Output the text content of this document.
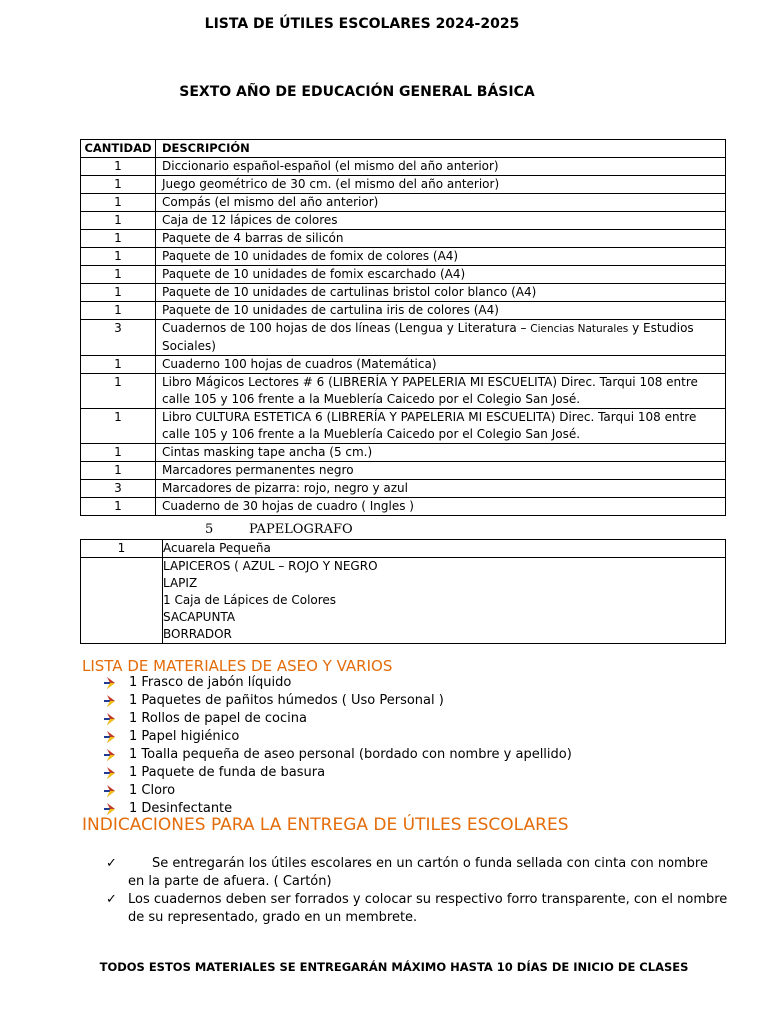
LISTA DE ÚTILES ESCOLARES 2024-2025
SEXTO AÑO DE EDUCACIÓN GENERAL BÁSICA
CANTIDAD	DESCRIPCIÓN
1	Diccionario español-español (el mismo del año anterior)
1	Juego geométrico de 30 cm. (el mismo del año anterior)
1	Compás (el mismo del año anterior)
1	Caja de 12 lápices de colores
1	Paquete de 4 barras de silicón
1	Paquete de 10 unidades de fomix de colores (A4)
1	Paquete de 10 unidades de fomix escarchado (A4)
1	Paquete de 10 unidades de cartulinas bristol color blanco (A4)
1	Paquete de 10 unidades de cartulina iris de colores (A4)
3	Cuadernos de 100 hojas de dos líneas (Lengua y Literatura – Ciencias Naturales y Estudios Sociales)
1	Cuaderno 100 hojas de cuadros (Matemática)
1	Libro Mágicos Lectores # 6 (LIBRERÍA Y PAPELERIA MI ESCUELITA) Direc. Tarqui 108 entre calle 105 y 106 frente a la Mueblería Caicedo por el Colegio San José.
1	Libro CULTURA ESTETICA 6 (LIBRERÍA Y PAPELERIA MI ESCUELITA) Direc. Tarqui 108 entre calle 105 y 106 frente a la Mueblería Caicedo por el Colegio San José.
1	Cintas masking tape ancha (5 cm.)
1	Marcadores permanentes negro
3	Marcadores de pizarra: rojo, negro y azul
1	Cuaderno de 30 hojas de cuadro ( Ingles )
5	PAPELOGRAFO
1	Acuarela Pequeña

	LAPICEROS ( AZUL – ROJO Y NEGRO
LAPIZ
1 Caja de Lápices de Colores
SACAPUNTA
BORRADOR
LISTA DE MATERIALES DE ASEO Y VARIOS
1 Frasco de jabón líquido
1 Paquetes de pañitos húmedos ( Uso Personal )
1 Rollos de papel de cocina
1 Papel higiénico
1 Toalla pequeña de aseo personal (bordado con nombre y apellido)
1 Paquete de funda de basura
1 Cloro
1 Desinfectante
INDICACIONES PARA LA ENTREGA DE ÚTILES ESCOLARES
✓	Se entregarán los útiles escolares en un cartón o funda sellada con cinta con nombre en la parte de afuera. ( Cartón)
✓ Los cuadernos deben ser forrados y colocar su respectivo forro transparente, con el nombre de su representado, grado en un membrete.
TODOS ESTOS MATERIALES SE ENTREGARÁN MÁXIMO HASTA 10 DÍAS DE INICIO DE CLASES
